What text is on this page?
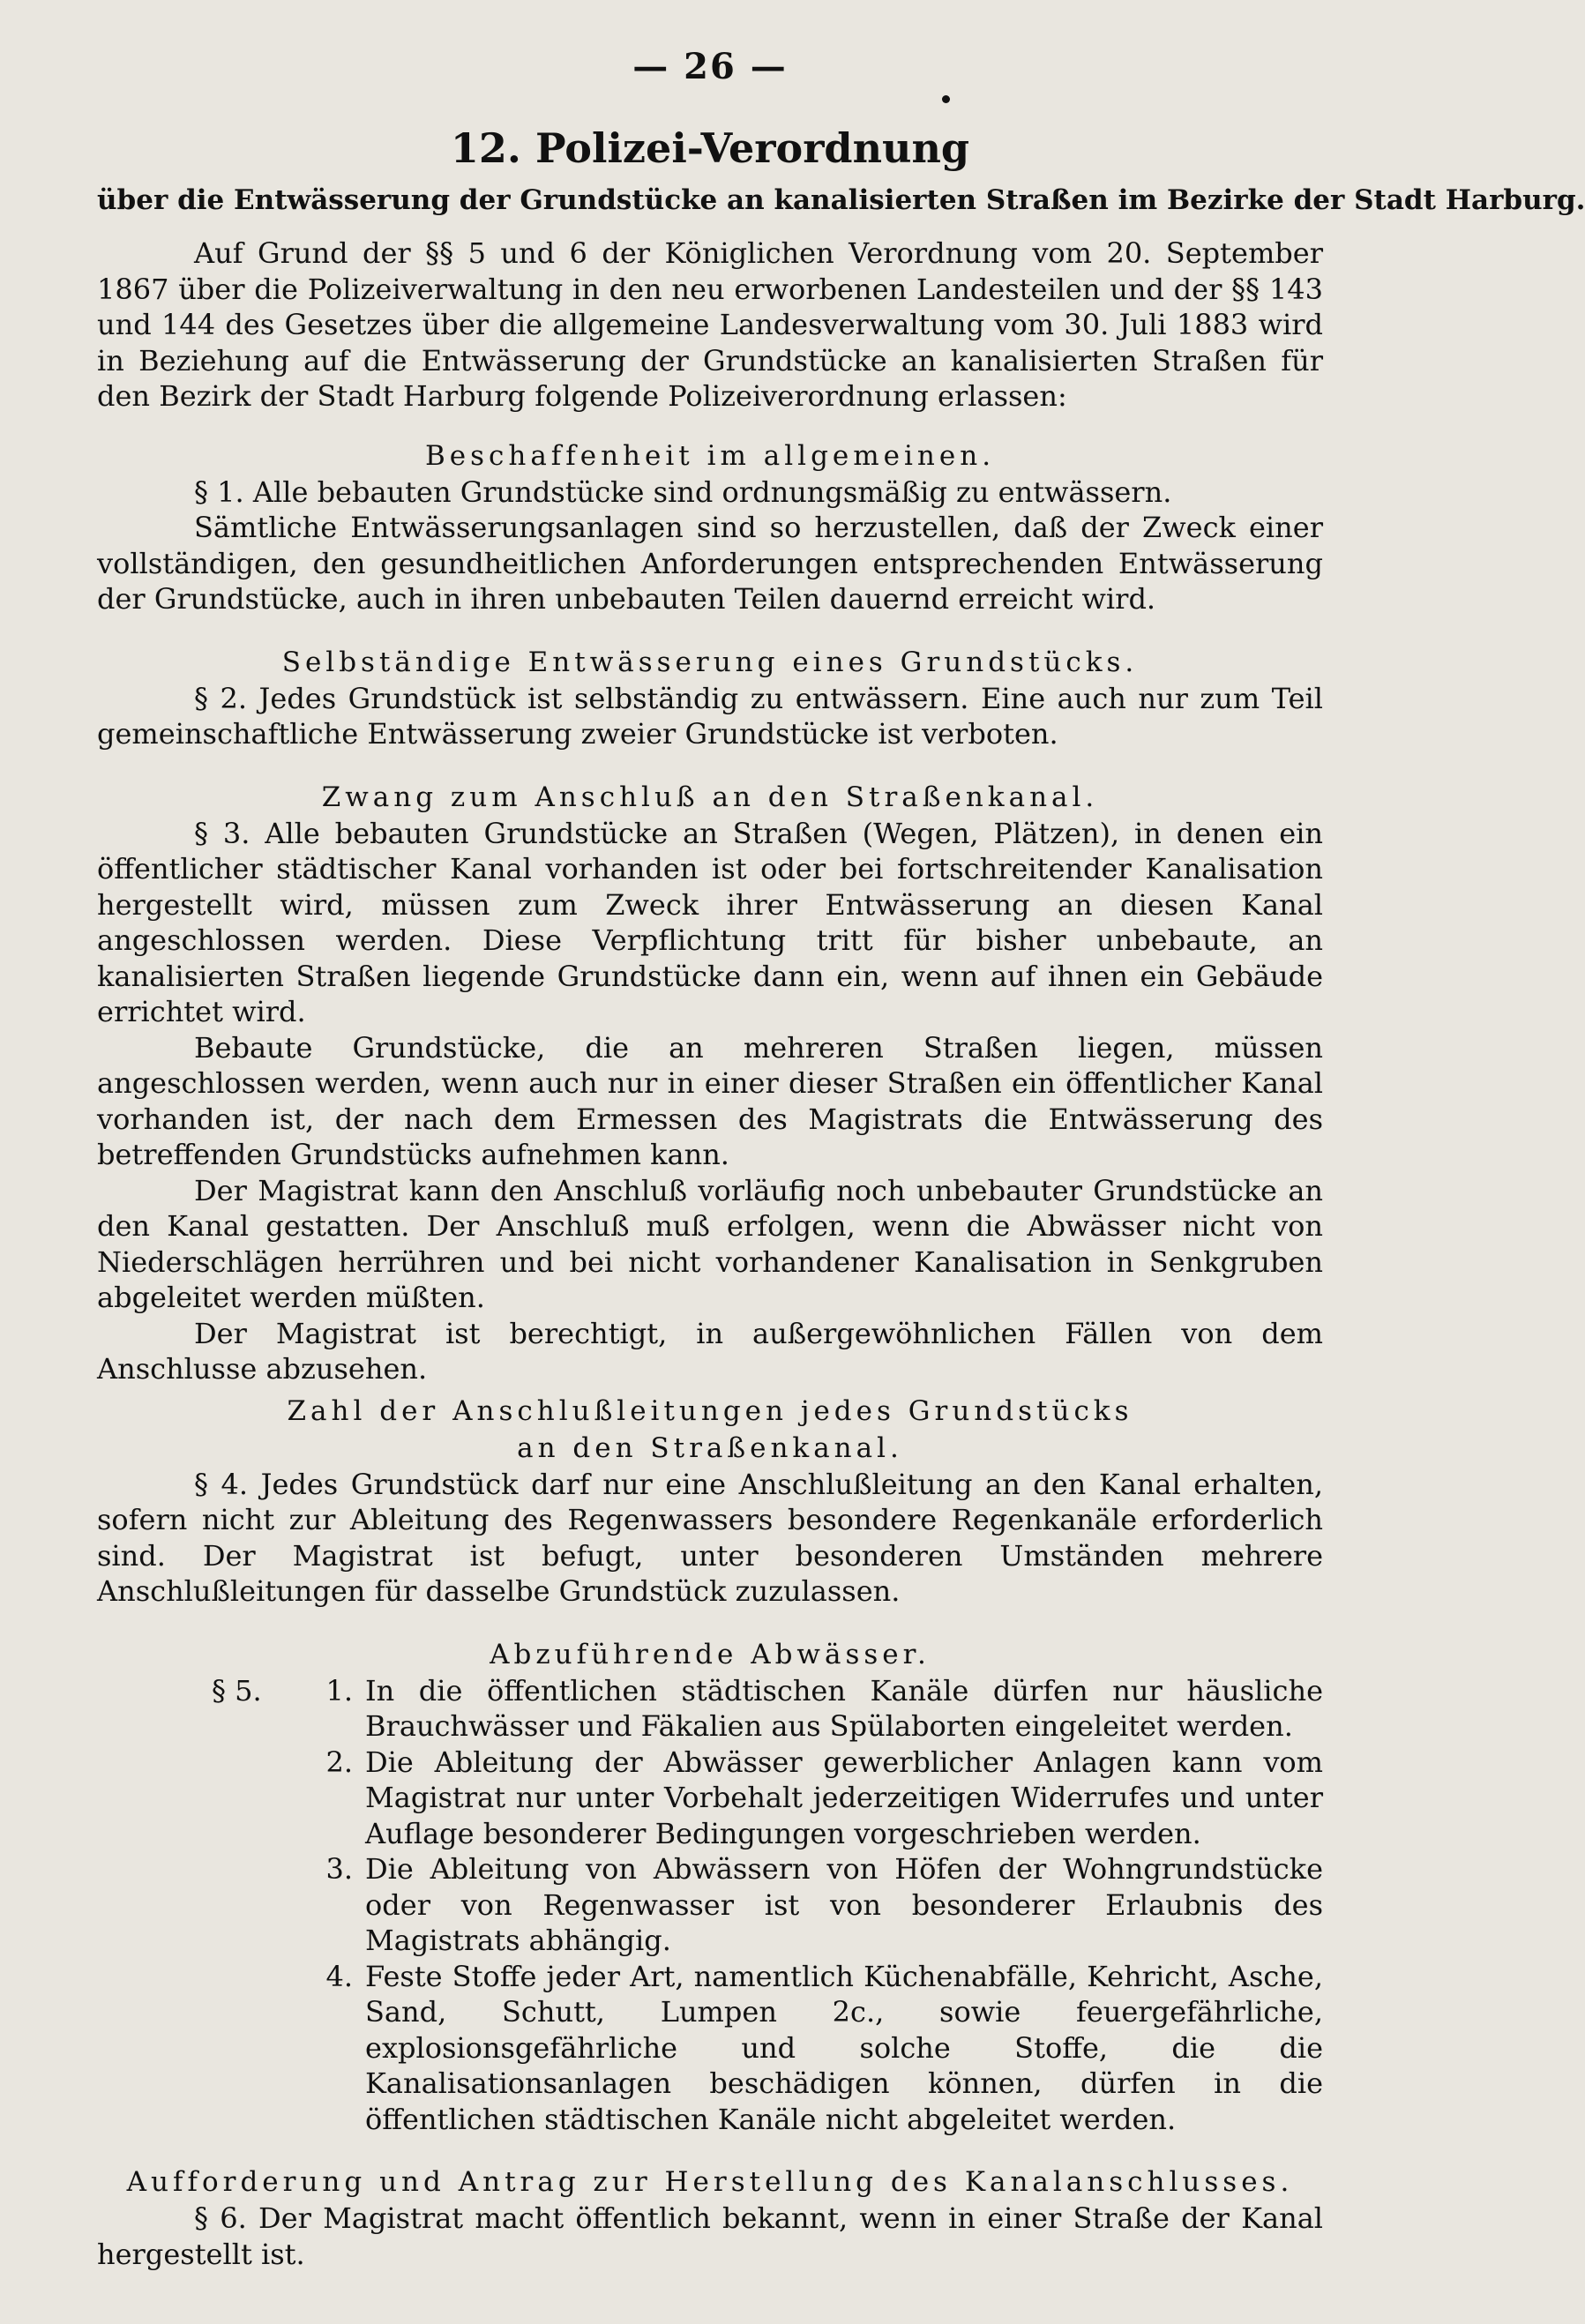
— 26 —
12. Polizei-Verordnung
über die Entwässerung der Grundstücke an kanalisierten Straßen im Bezirke der Stadt Harburg.

Auf Grund der §§ 5 und 6 der Königlichen Verordnung vom 20. September 1867 über die Polizeiverwaltung in den neu erworbenen Landesteilen und der §§ 143 und 144 des Gesetzes über die allgemeine Landesverwaltung vom 30. Juli 1883 wird in Beziehung auf die Entwässerung der Grundstücke an kanalisierten Straßen für den Bezirk der Stadt Harburg folgende Polizeiverordnung erlassen:

Beschaffenheit im allgemeinen.

§ 1. Alle bebauten Grundstücke sind ordnungsmäßig zu entwässern.

Sämtliche Entwässerungsanlagen sind so herzustellen, daß der Zweck einer vollständigen, den gesundheitlichen Anforderungen entsprechenden Entwässerung der Grundstücke, auch in ihren unbebauten Teilen dauernd erreicht wird.

Selbständige Entwässerung eines Grundstücks.

§ 2. Jedes Grundstück ist selbständig zu entwässern. Eine auch nur zum Teil gemeinschaftliche Entwässerung zweier Grundstücke ist verboten.

Zwang zum Anschluß an den Straßenkanal.

§ 3. Alle bebauten Grundstücke an Straßen (Wegen, Plätzen), in denen ein öffentlicher städtischer Kanal vorhanden ist oder bei fortschreitender Kanalisation hergestellt wird, müssen zum Zweck ihrer Entwässerung an diesen Kanal angeschlossen werden. Diese Verpflichtung tritt für bisher unbebaute, an kanalisierten Straßen liegende Grundstücke dann ein, wenn auf ihnen ein Gebäude errichtet wird.

Bebaute Grundstücke, die an mehreren Straßen liegen, müssen angeschlossen werden, wenn auch nur in einer dieser Straßen ein öffentlicher Kanal vorhanden ist, der nach dem Ermessen des Magistrats die Entwässerung des betreffenden Grundstücks aufnehmen kann.

Der Magistrat kann den Anschluß vorläufig noch unbebauter Grundstücke an den Kanal gestatten. Der Anschluß muß erfolgen, wenn die Abwässer nicht von Niederschlägen herrühren und bei nicht vorhandener Kanalisation in Senkgruben abgeleitet werden müßten.

Der Magistrat ist berechtigt, in außergewöhnlichen Fällen von dem Anschlusse abzusehen.

Zahl der Anschlußleitungen jedes Grundstücks
an den Straßenkanal.

§ 4. Jedes Grundstück darf nur eine Anschlußleitung an den Kanal erhalten, sofern nicht zur Ableitung des Regenwassers besondere Regenkanäle erforderlich sind. Der Magistrat ist befugt, unter besonderen Umständen mehrere Anschlußleitungen für dasselbe Grundstück zuzulassen.

Abzuführende Abwässer.
§ 5.	1. In die öffentlichen städtischen Kanäle dürfen nur häusliche Brauchwässer und Fäkalien aus Spülaborten eingeleitet werden.
2. Die Ableitung der Abwässer gewerblicher Anlagen kann vom Magistrat nur unter Vorbehalt jederzeitigen Widerrufes und unter Auflage besonderer Bedingungen vorgeschrieben werden.
3. Die Ableitung von Abwässern von Höfen der Wohngrundstücke oder von Regenwasser ist von besonderer Erlaubnis des Magistrats abhängig.
4. Feste Stoffe jeder Art, namentlich Küchenabfälle, Kehricht, Asche, Sand, Schutt, Lumpen 2c., sowie feuergefährliche, explosionsgefährliche und solche Stoffe, die die Kanalisationsanlagen beschädigen können, dürfen in die öffentlichen städtischen Kanäle nicht abgeleitet werden.
Aufforderung und Antrag zur Herstellung des Kanalanschlusses.

§ 6. Der Magistrat macht öffentlich bekannt, wenn in einer Straße der Kanal hergestellt ist.
